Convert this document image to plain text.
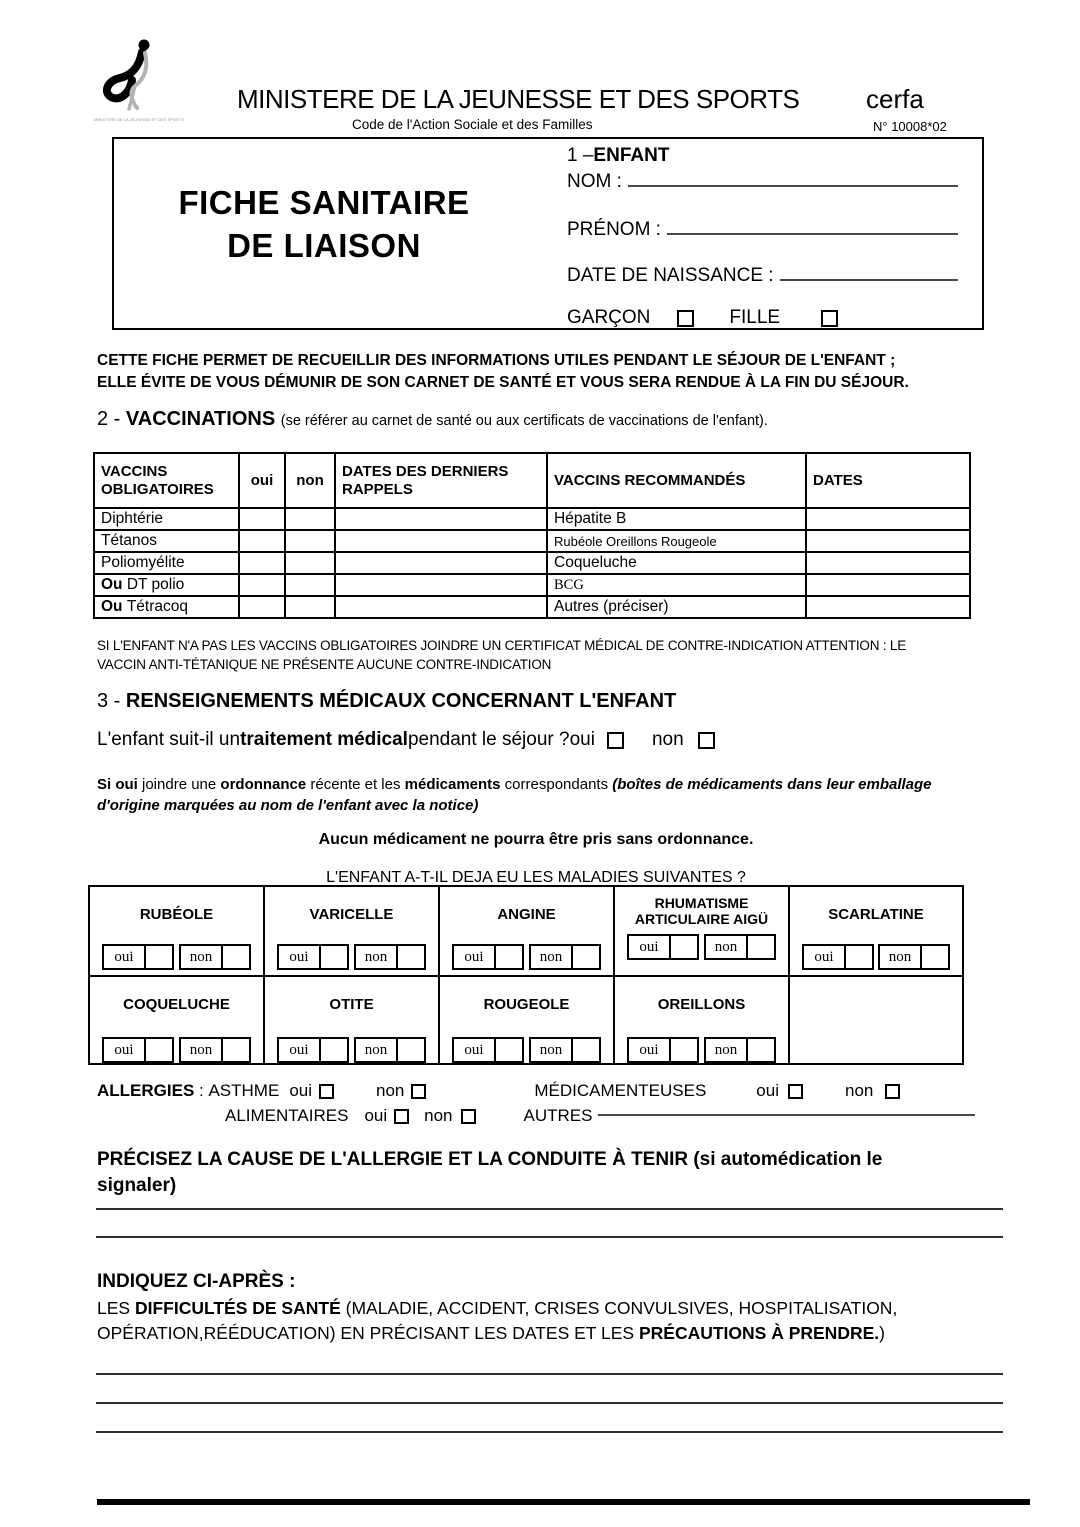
MINISTERE DE LA JEUNESSE ET DES SPORTS
MINISTERE DE LA JEUNESSE ET DES SPORTS	cerfa
Code de l'Action Sociale et des Familles	N° 10008*02
FICHE SANITAIRE
DE LIAISON
1 – ENFANT
NOM :
PRÉNOM :
DATE DE NAISSANCE :
GARÇON	FILLE
CETTE FICHE PERMET DE RECUEILLIR DES INFORMATIONS UTILES PENDANT LE SÉJOUR DE L'ENFANT ;
ELLE ÉVITE DE VOUS DÉMUNIR DE SON CARNET DE SANTÉ ET VOUS SERA RENDUE À LA FIN DU SÉJOUR.
2 - VACCINATIONS (se référer au carnet de santé ou aux certificats de vaccinations de l'enfant).
VACCINS OBLIGATOIRES	oui	non	DATES DES DERNIERS RAPPELS	VACCINS RECOMMANDÉS	DATES
Diphtérie				Hépatite B	
Tétanos				Rubéole Oreillons Rougeole	
Poliomyélite				Coqueluche	
Ou DT polio				BCG	
Ou Tétracoq				Autres (préciser)	
SI L'ENFANT N'A PAS LES VACCINS OBLIGATOIRES JOINDRE UN CERTIFICAT MÉDICAL DE CONTRE-INDICATION ATTENTION : LE
VACCIN ANTI-TÉTANIQUE NE PRÉSENTE AUCUNE CONTRE-INDICATION
3 - RENSEIGNEMENTS MÉDICAUX CONCERNANT L'ENFANT
L'enfant suit-il un traitement médical pendant le séjour ? oui	non
Si oui joindre une ordonnance récente et les médicaments correspondants (boîtes de médicaments dans leur emballage d'origine marquées au nom de l'enfant avec la notice)
Aucun médicament ne pourra être pris sans ordonnance.
L'ENFANT A-T-IL DEJA EU LES MALADIES SUIVANTES ?
RUBÉOLE
oui	non

VARICELLE
oui	non

ANGINE
oui	non

RHUMATISME ARTICULAIRE AIGÜ
oui	non

SCARLATINE
oui	non

COQUELUCHE
oui	non

OTITE
oui	non

ROUGEOLE
oui	non

OREILLONS
oui	non

ALLERGIES : ASTHME oui	non	MÉDICAMENTEUSES	oui	non
ALIMENTAIRES oui non	AUTRES
PRÉCISEZ LA CAUSE DE L'ALLERGIE ET LA CONDUITE À TENIR (si automédication le signaler)
INDIQUEZ CI-APRÈS :
LES DIFFICULTÉS DE SANTÉ (MALADIE, ACCIDENT, CRISES CONVULSIVES, HOSPITALISATION, OPÉRATION,RÉÉDUCATION) EN PRÉCISANT LES DATES ET LES PRÉCAUTIONS À PRENDRE.)
